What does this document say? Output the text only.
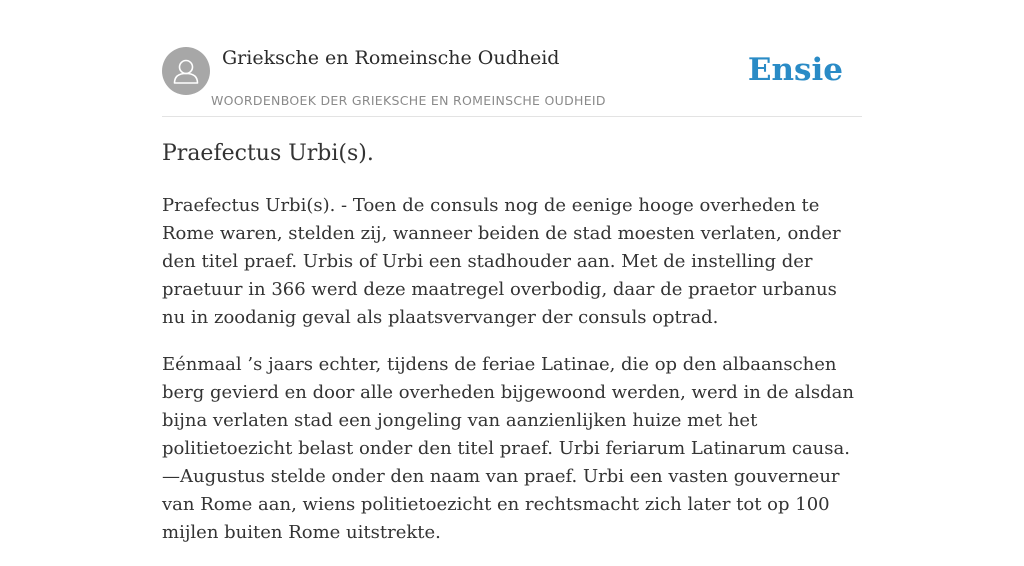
Grieksche en Romeinsche Oudheid
WOORDENBOEK DER GRIEKSCHE EN ROMEINSCHE OUDHEID
Ensie
Praefectus Urbi(s).

Praefectus Urbi(s). - Toen de consuls nog de eenige hooge overheden te Rome waren, stelden zij, wanneer beiden de stad moesten verlaten, onder den titel praef. Urbis of Urbi een stadhouder aan. Met de instelling der praetuur in 366 werd deze maatregel overbodig, daar de praetor urbanus nu in zoodanig geval als plaatsvervanger der consuls optrad.

Eénmaal ’s jaars echter, tijdens de feriae Latinae, die op den albaanschen berg gevierd en door alle overheden bijgewoond werden, werd in de alsdan bijna verlaten stad een jongeling van aanzienlijken huize met het politietoezicht belast onder den titel praef. Urbi feriarum Latinarum causa.—Augustus stelde onder den naam van praef. Urbi een vasten gouverneur van Rome aan, wiens politietoezicht en rechtsmacht zich later tot op 100 mijlen buiten Rome uitstrekte.
